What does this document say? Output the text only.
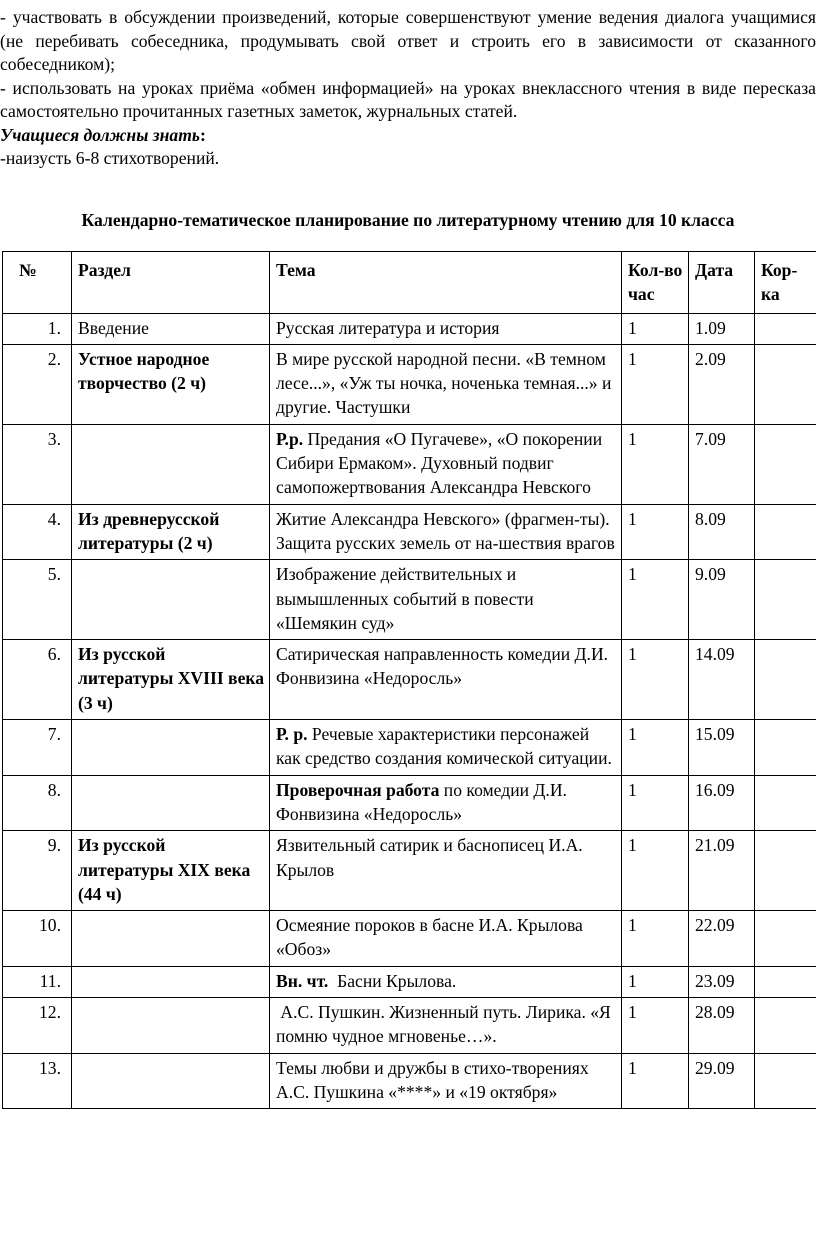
- участвовать в обсуждении произведений, которые совершенствуют умение ведения диалога учащимися (не перебивать собеседника, продумывать свой ответ и строить его в зависимости от сказанного собеседником);

- использовать на уроках приёма «обмен информацией» на уроках внеклассного чтения в виде пересказа самостоятельно прочитанных газетных заметок, журнальных статей.

Учащиеся должны знать:

-наизусть 6-8 стихотворений.

Календарно-тематическое планирование по литературному чтению для 10 класса
№	Раздел	Тема	Кол-во час	Дата	Кор-ка
1.	Введение	Русская литература и история	1	1.09	
2.	Устное народное творчество (2 ч)	В мире русской народной песни. «В темном лесе...», «Уж ты ночка, ноченька темная...» и другие. Частушки	1	2.09	
3.		Р.р. Предания «О Пугачеве», «О покорении Сибири Ермаком». Духовный подвиг самопожертвования Александра Невского	1	7.09	
4.	Из древнерусской литературы (2 ч)	Житие Александра Невского» (фрагмен-ты). Защита русских земель от на-шествия врагов	1	8.09	
5.		Изображение действительных и вымышленных событий в повести «Шемякин суд»	1	9.09	
6.	Из русской литературы XVIII века (3 ч)	Сатирическая направленность комедии Д.И. Фонвизина «Недоросль»	1	14.09	
7.		Р. р. Речевые характеристики персонажей как средство создания комической ситуации.	1	15.09	
8.		Проверочная работа по комедии Д.И. Фонвизина «Недоросль»	1	16.09	
9.	Из русской литературы XIX века (44 ч)	Язвительный сатирик и баснописец И.А. Крылов	1	21.09	
10.		Осмеяние пороков в басне И.А. Крылова «Обоз»	1	22.09	
11.		Вн. чт.  Басни Крылова.	1	23.09	
12.		А.С. Пушкин. Жизненный путь. Лирика. «Я помню чудное мгновенье…».	1	28.09	
13.		Темы любви и дружбы в стихо-творениях А.С. Пушкина «****» и «19 октября»	1	29.09	
